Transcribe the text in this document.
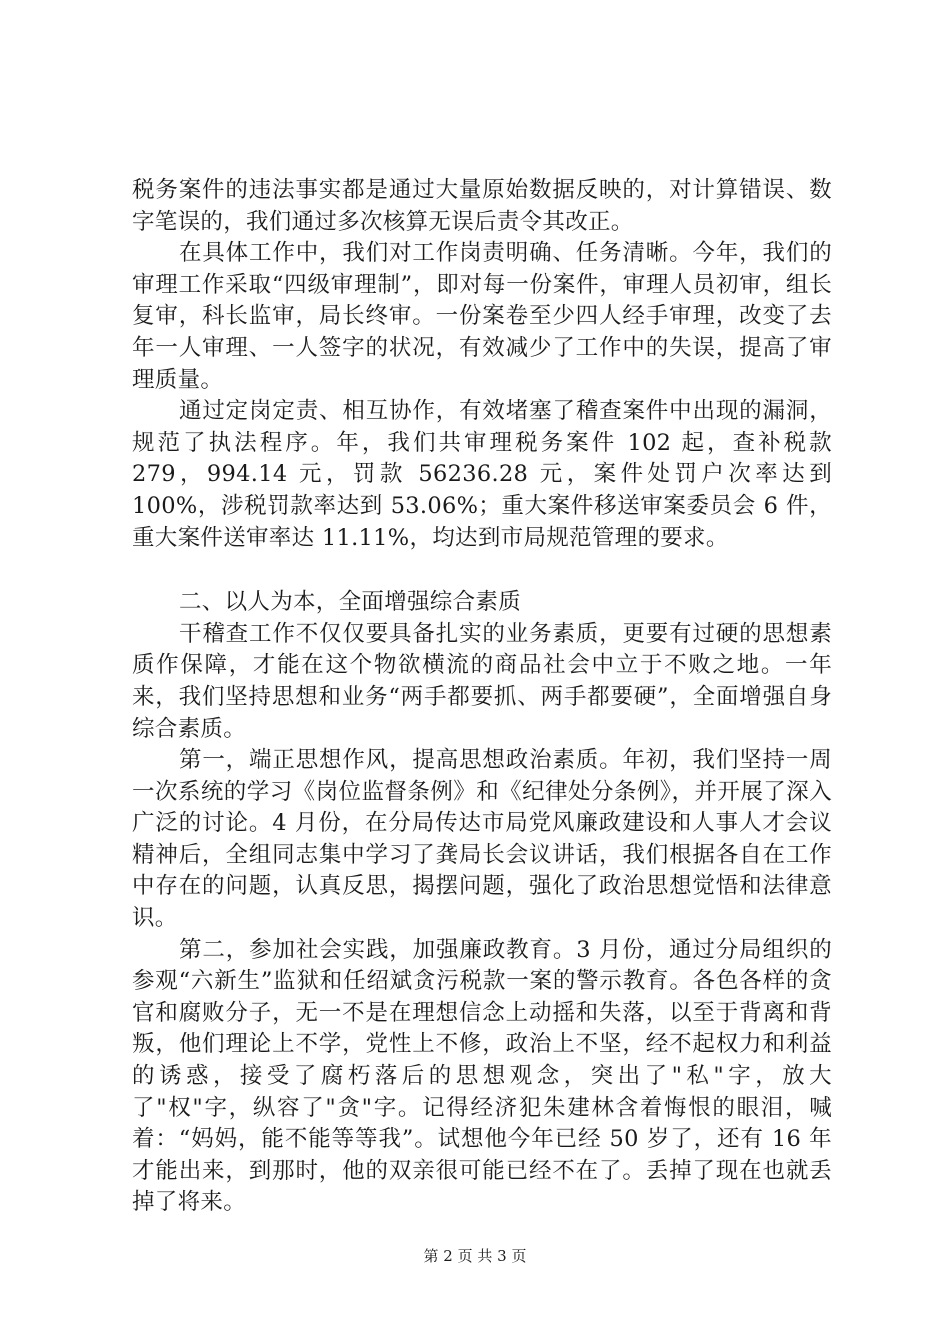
税务案件的违法事实都是通过大量原始数据反映的，对计算错误、数字笔误的，我们通过多次核算无误后责令其改正。

在具体工作中，我们对工作岗责明确、任务清晰。今年，我们的审理工作采取“四级审理制”，即对每一份案件，审理人员初审，组长复审，科长监审，局长终审。一份案卷至少四人经手审理，改变了去年一人审理、一人签字的状况，有效减少了工作中的失误，提高了审理质量。

通过定岗定责、相互协作，有效堵塞了稽查案件中出现的漏洞，规范了执法程序。年，我们共审理税务案件 102 起，查补税款 279，994.14 元，罚款 56236.28 元，案件处罚户次率达到 100%，涉税罚款率达到 53.06%；重大案件移送审案委员会 6 件，重大案件送审率达 11.11%，均达到市局规范管理的要求。

二、以人为本，全面增强综合素质

干稽查工作不仅仅要具备扎实的业务素质，更要有过硬的思想素质作保障，才能在这个物欲横流的商品社会中立于不败之地。一年来，我们坚持思想和业务“两手都要抓、两手都要硬”，全面增强自身综合素质。

第一，端正思想作风，提高思想政治素质。年初，我们坚持一周一次系统的学习《岗位监督条例》和《纪律处分条例》，并开展了深入广泛的讨论。4 月份，在分局传达市局党风廉政建设和人事人才会议精神后，全组同志集中学习了龚局长会议讲话，我们根据各自在工作中存在的问题，认真反思，揭摆问题，强化了政治思想觉悟和法律意识。

第二，参加社会实践，加强廉政教育。3 月份，通过分局组织的参观“六新生”监狱和任绍斌贪污税款一案的警示教育。各色各样的贪官和腐败分子，无一不是在理想信念上动摇和失落，以至于背离和背叛，他们理论上不学，党性上不修，政治上不坚，经不起权力和利益的诱惑，接受了腐朽落后的思想观念，突出了"私"字，放大了"权"字，纵容了"贪"字。记得经济犯朱建林含着悔恨的眼泪，喊着：“妈妈，能不能等等我”。试想他今年已经 50 岁了，还有 16 年才能出来，到那时，他的双亲很可能已经不在了。丢掉了现在也就丢掉了将来。

第 2 页 共 3 页
